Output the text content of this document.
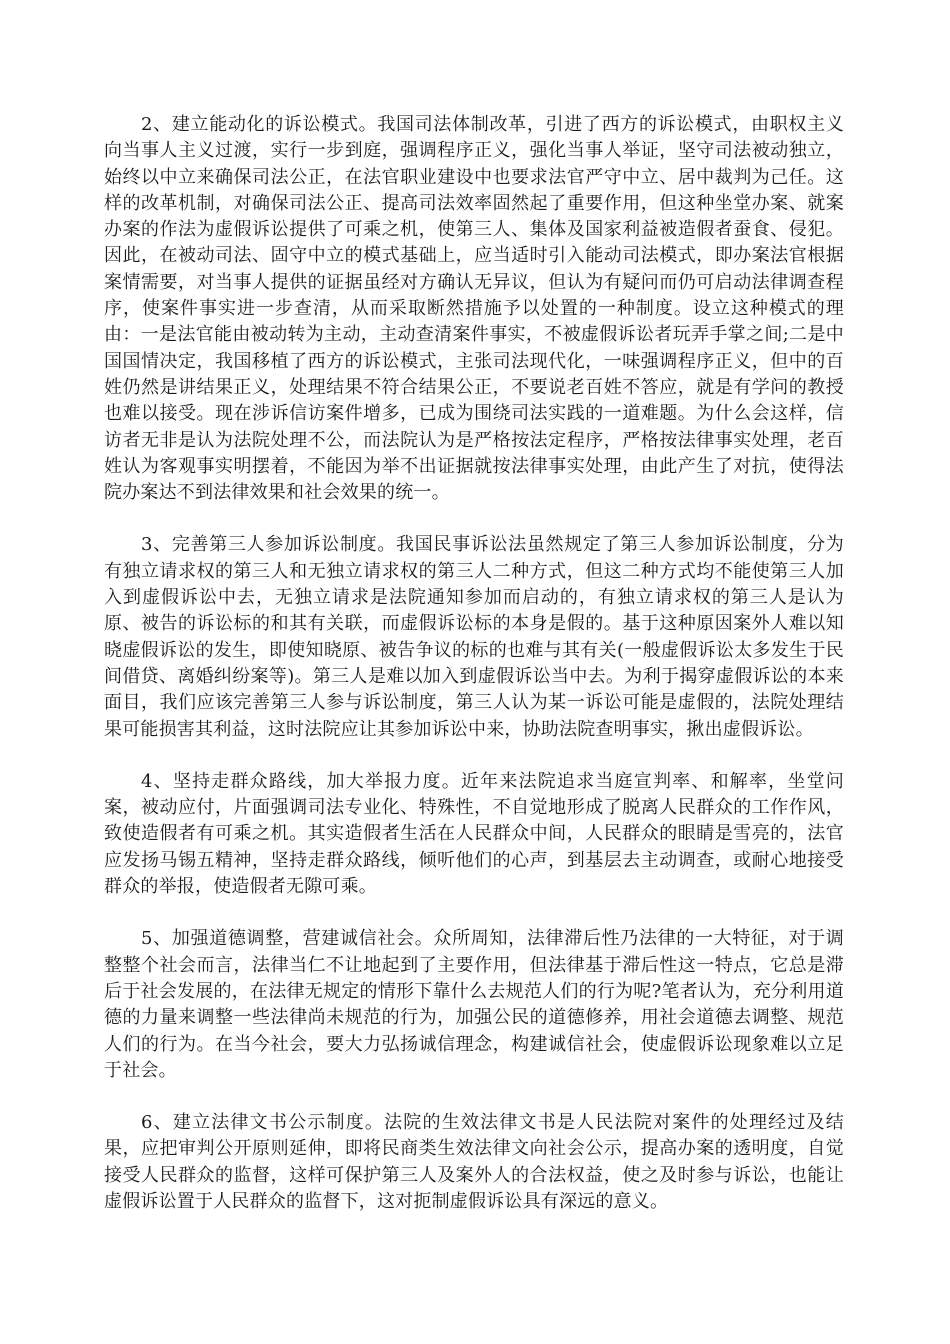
2、建立能动化的诉讼模式。我国司法体制改革，引进了西方的诉讼模式，由职权主义向当事人主义过渡，实行一步到庭，强调程序正义，强化当事人举证，坚守司法被动独立，始终以中立来确保司法公正，在法官职业建设中也要求法官严守中立、居中裁判为己任。这样的改革机制，对确保司法公正、提高司法效率固然起了重要作用，但这种坐堂办案、就案办案的作法为虚假诉讼提供了可乘之机，使第三人、集体及国家利益被造假者蚕食、侵犯。因此，在被动司法、固守中立的模式基础上，应当适时引入能动司法模式，即办案法官根据案情需要，对当事人提供的证据虽经对方确认无异议，但认为有疑问而仍可启动法律调查程序，使案件事实进一步查清，从而采取断然措施予以处置的一种制度。设立这种模式的理由：一是法官能由被动转为主动，主动查清案件事实，不被虚假诉讼者玩弄手掌之间;二是中国国情决定，我国移植了西方的诉讼模式，主张司法现代化，一味强调程序正义，但中的百姓仍然是讲结果正义，处理结果不符合结果公正，不要说老百姓不答应，就是有学问的教授也难以接受。现在涉诉信访案件增多，已成为围绕司法实践的一道难题。为什么会这样，信访者无非是认为法院处理不公，而法院认为是严格按法定程序，严格按法律事实处理，老百姓认为客观事实明摆着，不能因为举不出证据就按法律事实处理，由此产生了对抗，使得法院办案达不到法律效果和社会效果的统一。

3、完善第三人参加诉讼制度。我国民事诉讼法虽然规定了第三人参加诉讼制度，分为有独立请求权的第三人和无独立请求权的第三人二种方式，但这二种方式均不能使第三人加入到虚假诉讼中去，无独立请求是法院通知参加而启动的，有独立请求权的第三人是认为原、被告的诉讼标的和其有关联，而虚假诉讼标的本身是假的。基于这种原因案外人难以知晓虚假诉讼的发生，即使知晓原、被告争议的标的也难与其有关(一般虚假诉讼太多发生于民间借贷、离婚纠纷案等)。第三人是难以加入到虚假诉讼当中去。为利于揭穿虚假诉讼的本来面目，我们应该完善第三人参与诉讼制度，第三人认为某一诉讼可能是虚假的，法院处理结果可能损害其利益，这时法院应让其参加诉讼中来，协助法院查明事实，揪出虚假诉讼。

4、坚持走群众路线，加大举报力度。近年来法院追求当庭宣判率、和解率，坐堂问案，被动应付，片面强调司法专业化、特殊性，不自觉地形成了脱离人民群众的工作作风，致使造假者有可乘之机。其实造假者生活在人民群众中间，人民群众的眼睛是雪亮的，法官应发扬马锡五精神，坚持走群众路线，倾听他们的心声，到基层去主动调查，或耐心地接受群众的举报，使造假者无隙可乘。

5、加强道德调整，营建诚信社会。众所周知，法律滞后性乃法律的一大特征，对于调整整个社会而言，法律当仁不让地起到了主要作用，但法律基于滞后性这一特点，它总是滞后于社会发展的，在法律无规定的情形下靠什么去规范人们的行为呢?笔者认为，充分利用道德的力量来调整一些法律尚未规范的行为，加强公民的道德修养，用社会道德去调整、规范人们的行为。在当今社会，要大力弘扬诚信理念，构建诚信社会，使虚假诉讼现象难以立足于社会。

6、建立法律文书公示制度。法院的生效法律文书是人民法院对案件的处理经过及结果，应把审判公开原则延伸，即将民商类生效法律文向社会公示，提高办案的透明度，自觉接受人民群众的监督，这样可保护第三人及案外人的合法权益，使之及时参与诉讼，也能让虚假诉讼置于人民群众的监督下，这对扼制虚假诉讼具有深远的意义。
